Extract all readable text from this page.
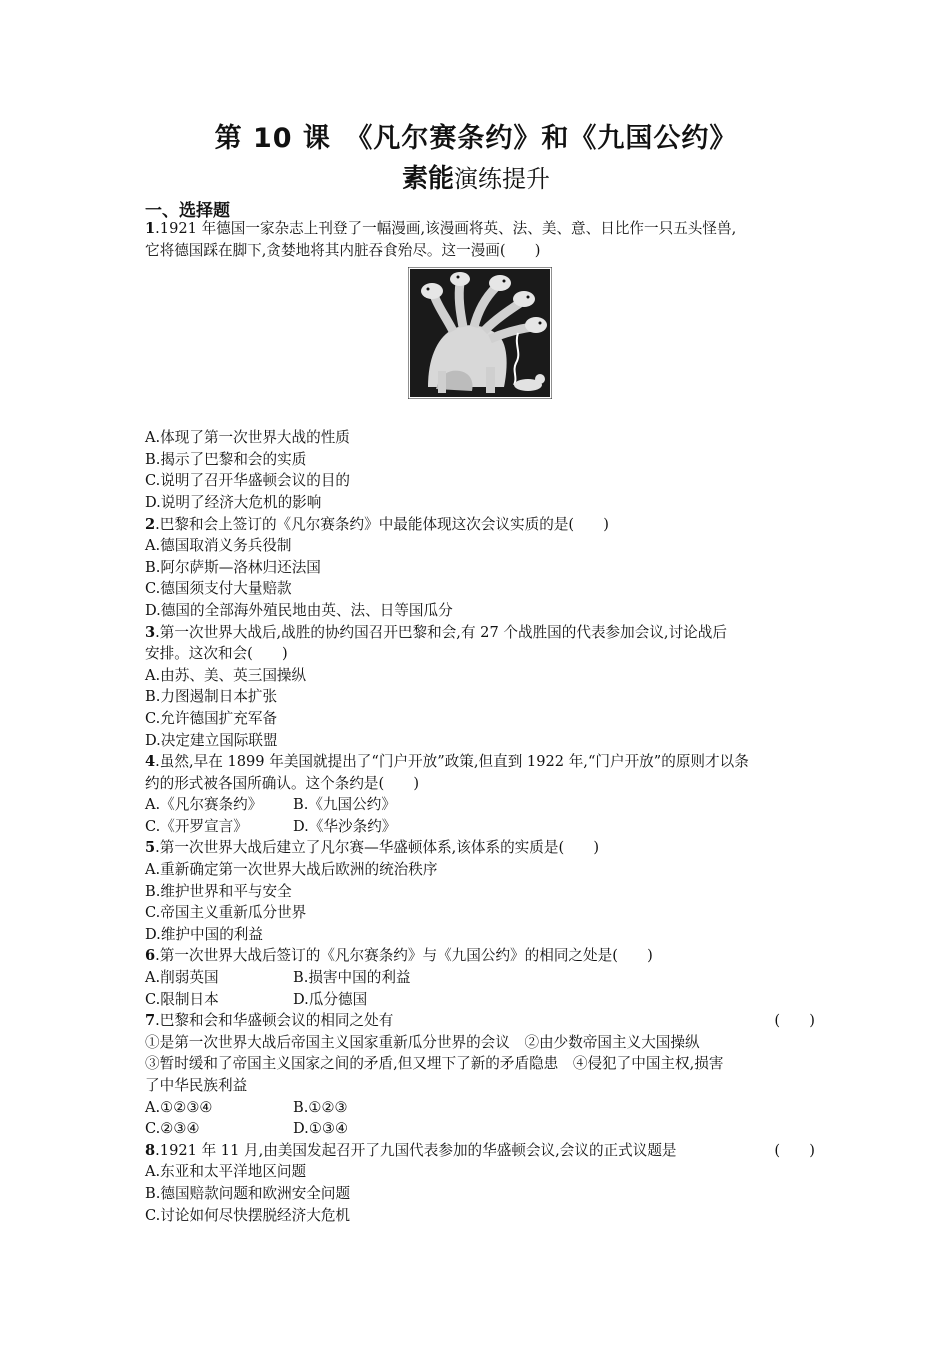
第 10 课　《凡尔赛条约》和《九国公约》
素能演练提升
一、选择题
1.1921 年德国一家杂志上刊登了一幅漫画,该漫画将英、法、美、意、日比作一只五头怪兽,
它将德国踩在脚下,贪婪地将其内脏吞食殆尽。这一漫画(　　)
A.体现了第一次世界大战的性质
B.揭示了巴黎和会的实质
C.说明了召开华盛顿会议的目的
D.说明了经济大危机的影响
2.巴黎和会上签订的《凡尔赛条约》中最能体现这次会议实质的是(　　)
A.德国取消义务兵役制
B.阿尔萨斯—洛林归还法国
C.德国须支付大量赔款
D.德国的全部海外殖民地由英、法、日等国瓜分
3.第一次世界大战后,战胜的协约国召开巴黎和会,有 27 个战胜国的代表参加会议,讨论战后
安排。这次和会(　　)
A.由苏、美、英三国操纵
B.力图遏制日本扩张
C.允许德国扩充军备
D.决定建立国际联盟
4.虽然,早在 1899 年美国就提出了“门户开放”政策,但直到 1922 年,“门户开放”的原则才以条
约的形式被各国所确认。这个条约是(　　)
A.《凡尔赛条约》 B.《九国公约》
C.《开罗宣言》	D.《华沙条约》
5.第一次世界大战后建立了凡尔赛—华盛顿体系,该体系的实质是(　　)
A.重新确定第一次世界大战后欧洲的统治秩序
B.维护世界和平与安全
C.帝国主义重新瓜分世界
D.维护中国的利益
6.第一次世界大战后签订的《凡尔赛条约》与《九国公约》的相同之处是(　　)
A.削弱英国	B.损害中国的利益
C.限制日本	D.瓜分德国
7.巴黎和会和华盛顿会议的相同之处有	(　　)
①是第一次世界大战后帝国主义国家重新瓜分世界的会议　②由少数帝国主义大国操纵
③暂时缓和了帝国主义国家之间的矛盾,但又埋下了新的矛盾隐患　④侵犯了中国主权,损害
了中华民族利益
A.①②③④	B.①②③
C.②③④	D.①③④
8.1921 年 11 月,由美国发起召开了九国代表参加的华盛顿会议,会议的正式议题是	(　　)
A.东亚和太平洋地区问题
B.德国赔款问题和欧洲安全问题
C.讨论如何尽快摆脱经济大危机
